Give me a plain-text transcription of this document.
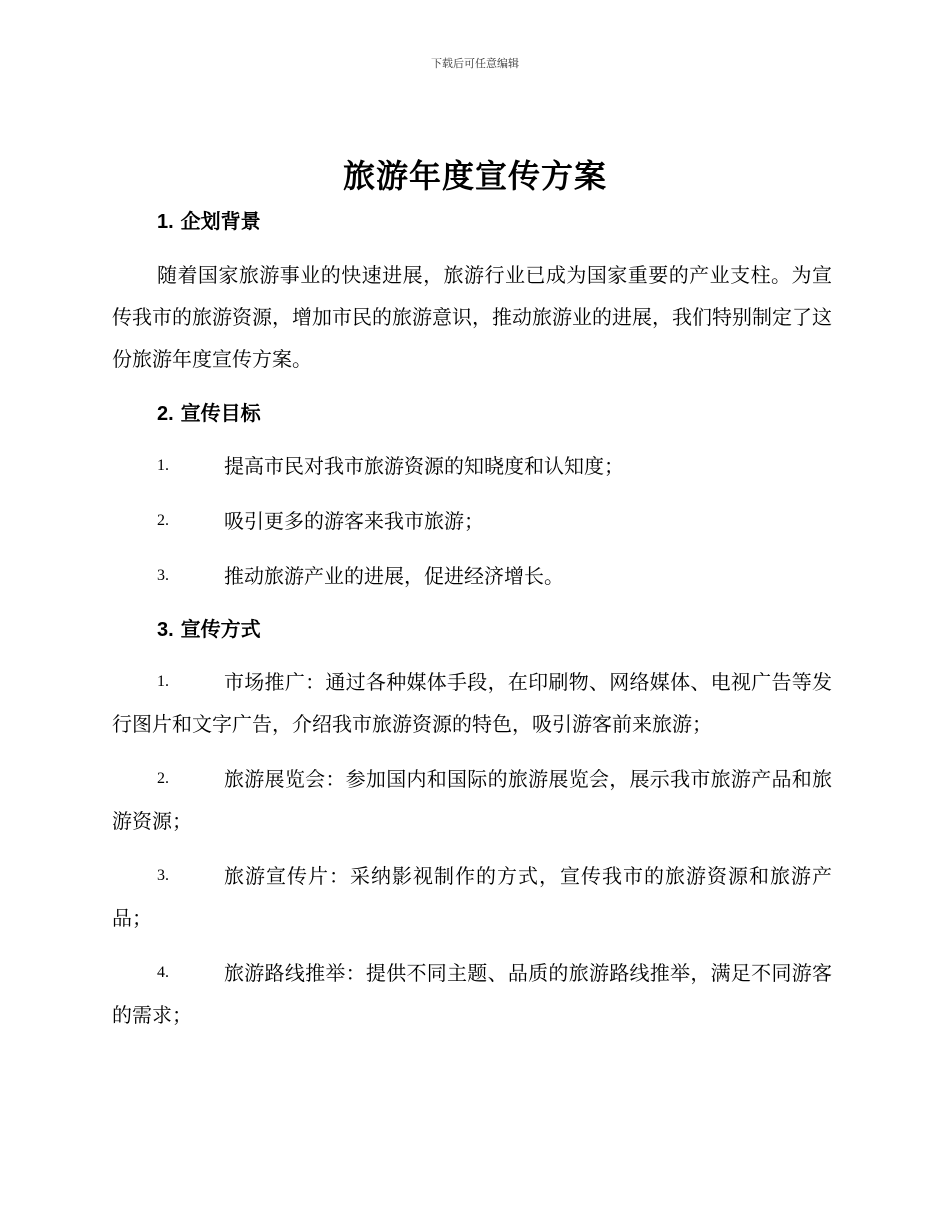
下载后可任意编辑
旅游年度宣传方案
1. 企划背景

随着国家旅游事业的快速进展，旅游行业已成为国家重要的产业支柱。为宣传我市的旅游资源，增加市民的旅游意识，推动旅游业的进展，我们特别制定了这份旅游年度宣传方案。

2. 宣传目标

1.	提高市民对我市旅游资源的知晓度和认知度；

2.	吸引更多的游客来我市旅游；

3.	推动旅游产业的进展，促进经济增长。

3. 宣传方式

1.	市场推广：通过各种媒体手段，在印刷物、网络媒体、电视广告等发行图片和文字广告，介绍我市旅游资源的特色，吸引游客前来旅游；

2.	旅游展览会：参加国内和国际的旅游展览会，展示我市旅游产品和旅游资源；

3.	旅游宣传片：采纳影视制作的方式，宣传我市的旅游资源和旅游产品；

4.	旅游路线推举：提供不同主题、品质的旅游路线推举，满足不同游客的需求；
